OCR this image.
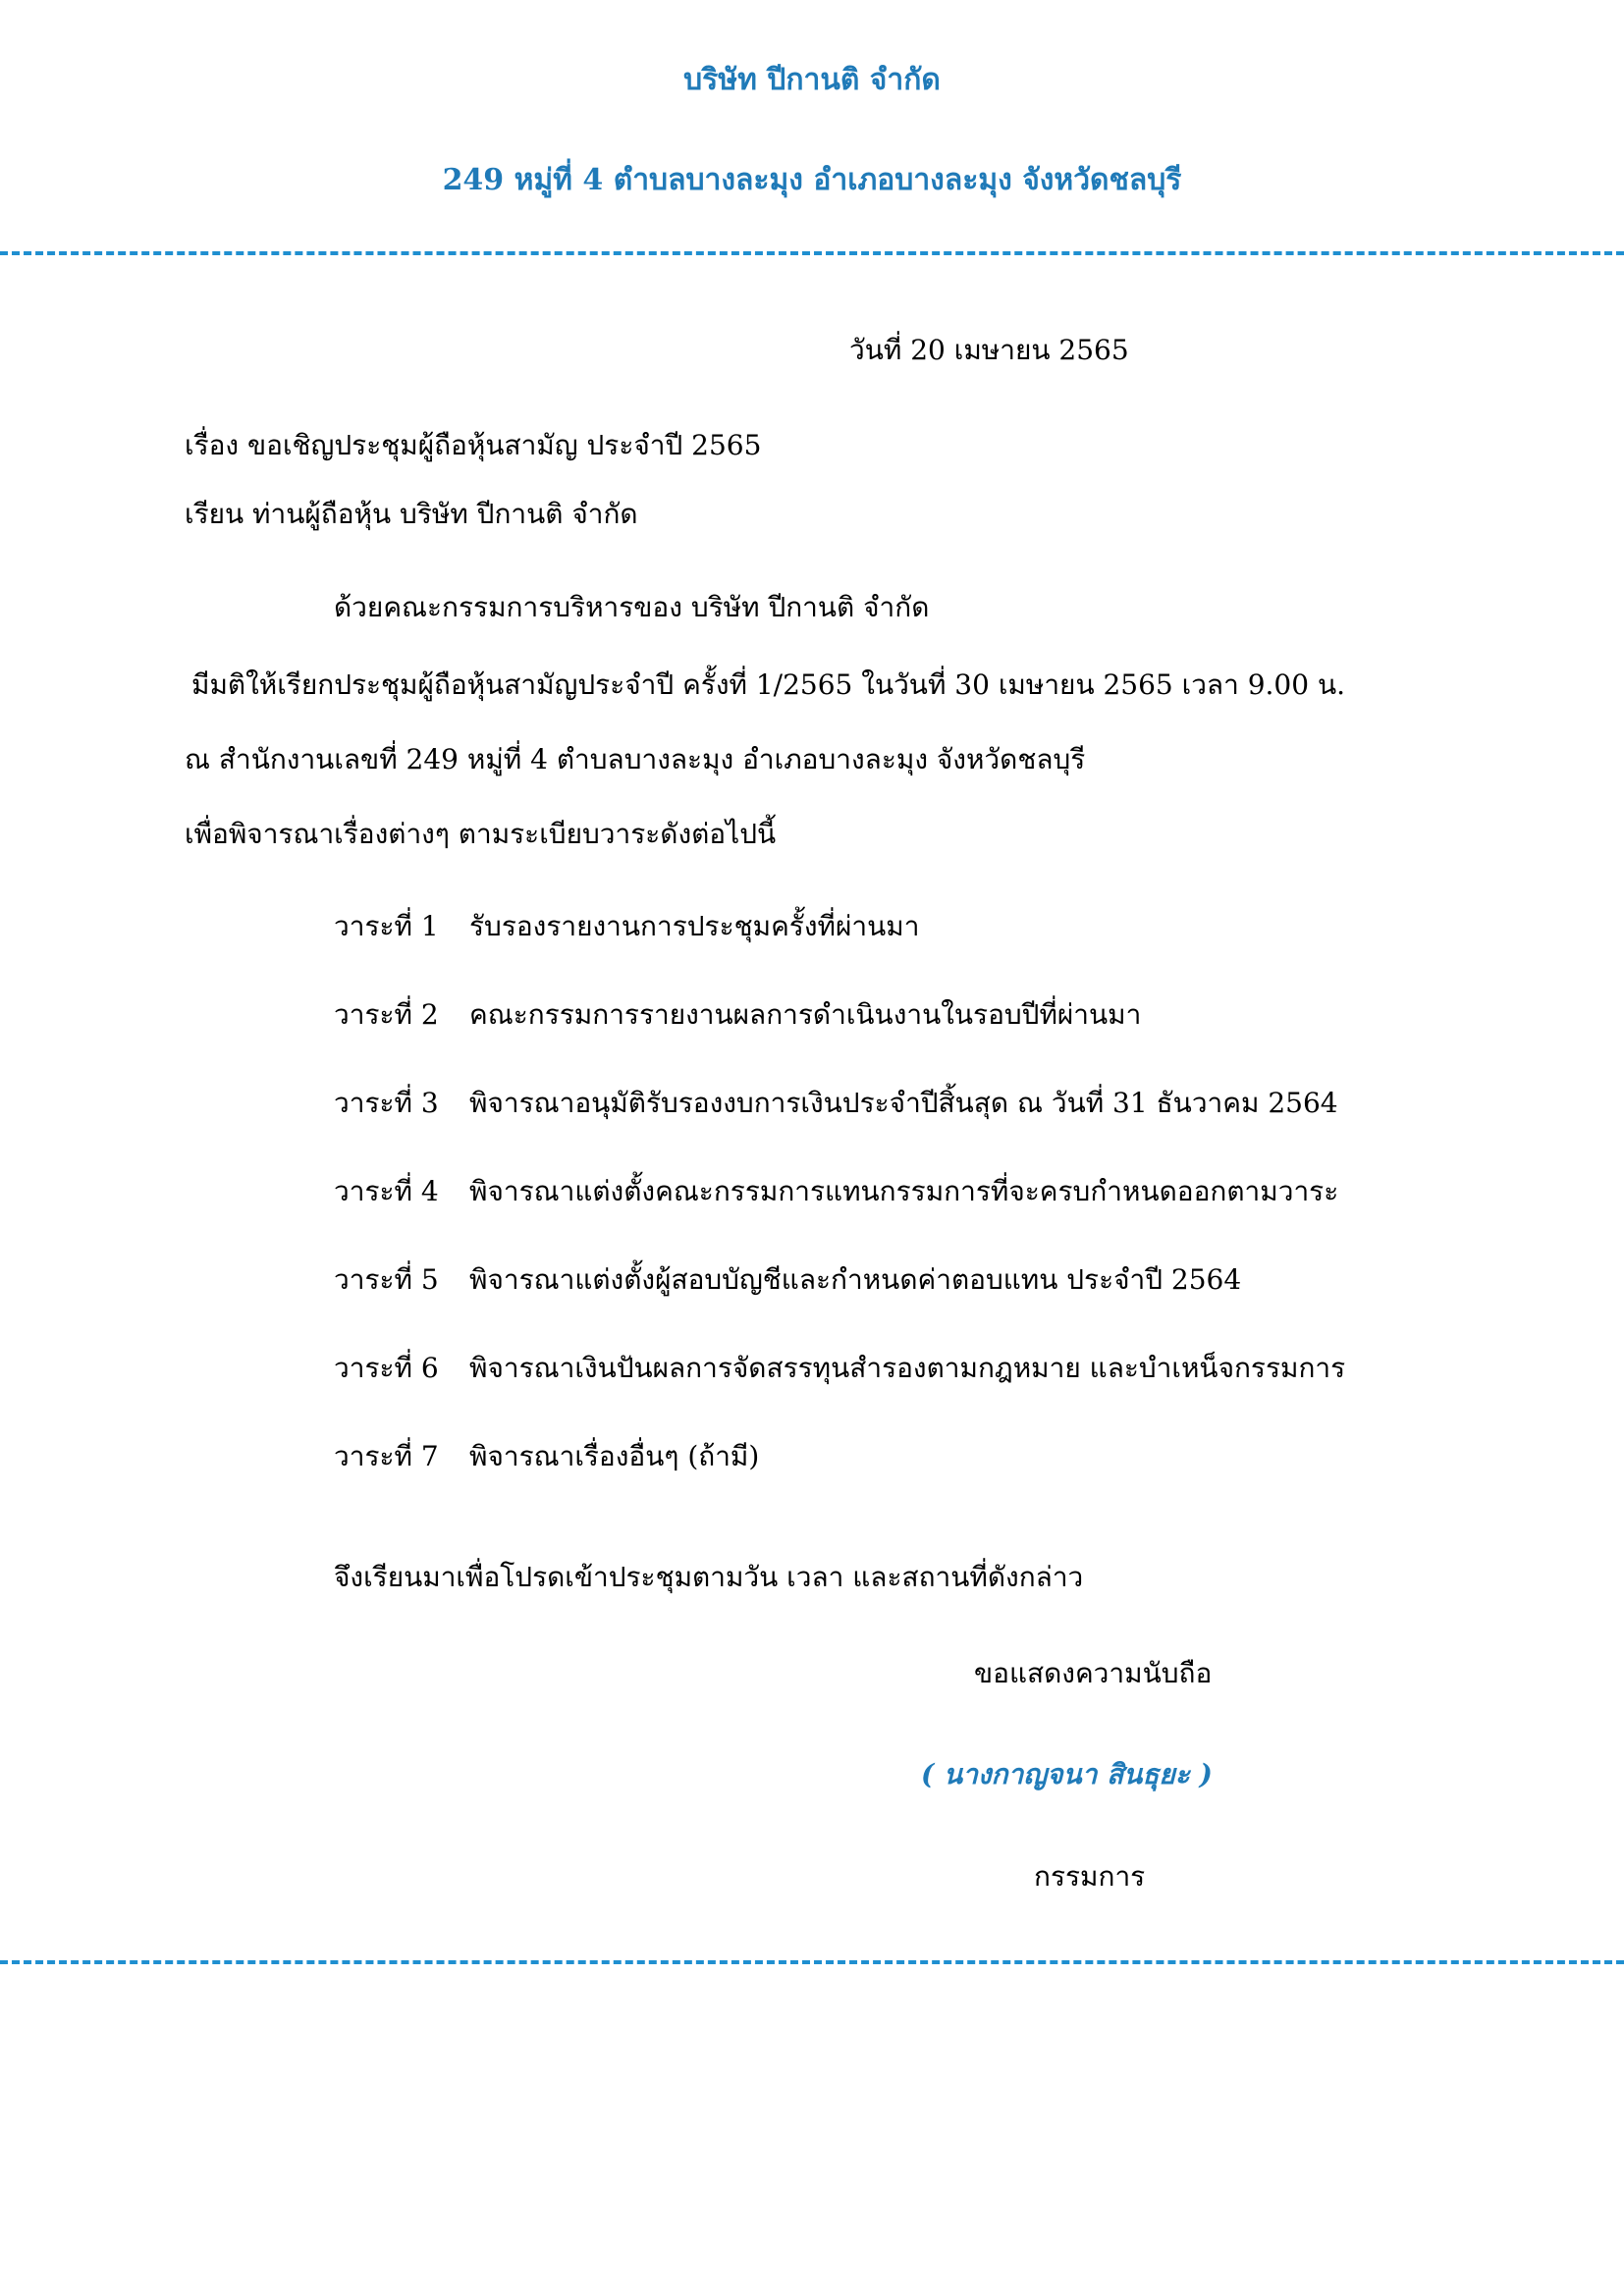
บริษัท ปีกานติ จำกัด
249 หมู่ที่ 4 ตำบลบางละมุง อำเภอบางละมุง จังหวัดชลบุรี
วันที่ 20 เมษายน 2565
เรื่อง ขอเชิญประชุมผู้ถือหุ้นสามัญ ประจำปี 2565
เรียน ท่านผู้ถือหุ้น บริษัท ปีกานติ จำกัด
ด้วยคณะกรรมการบริหารของ บริษัท ปีกานติ จำกัด
มีมติให้เรียกประชุมผู้ถือหุ้นสามัญประจำปี ครั้งที่ 1/2565 ในวันที่ 30 เมษายน 2565 เวลา 9.00 น.
ณ สำนักงานเลขที่ 249 หมู่ที่ 4 ตำบลบางละมุง อำเภอบางละมุง จังหวัดชลบุรี
เพื่อพิจารณาเรื่องต่างๆ ตามระเบียบวาระดังต่อไปนี้
วาระที่ 1 รับรองรายงานการประชุมครั้งที่ผ่านมา
วาระที่ 2 คณะกรรมการรายงานผลการดำเนินงานในรอบปีที่ผ่านมา
วาระที่ 3 พิจารณาอนุมัติรับรองงบการเงินประจำปีสิ้นสุด ณ วันที่ 31 ธันวาคม 2564
วาระที่ 4 พิจารณาแต่งตั้งคณะกรรมการแทนกรรมการที่จะครบกำหนดออกตามวาระ
วาระที่ 5 พิจารณาแต่งตั้งผู้สอบบัญชีและกำหนดค่าตอบแทน ประจำปี 2564
วาระที่ 6 พิจารณาเงินปันผลการจัดสรรทุนสำรองตามกฎหมาย และบำเหน็จกรรมการ
วาระที่ 7 พิจารณาเรื่องอื่นๆ (ถ้ามี)
จึงเรียนมาเพื่อโปรดเข้าประชุมตามวัน เวลา และสถานที่ดังกล่าว
ขอแสดงความนับถือ
( นางกาญจนา สินธุยะ )
กรรมการ
